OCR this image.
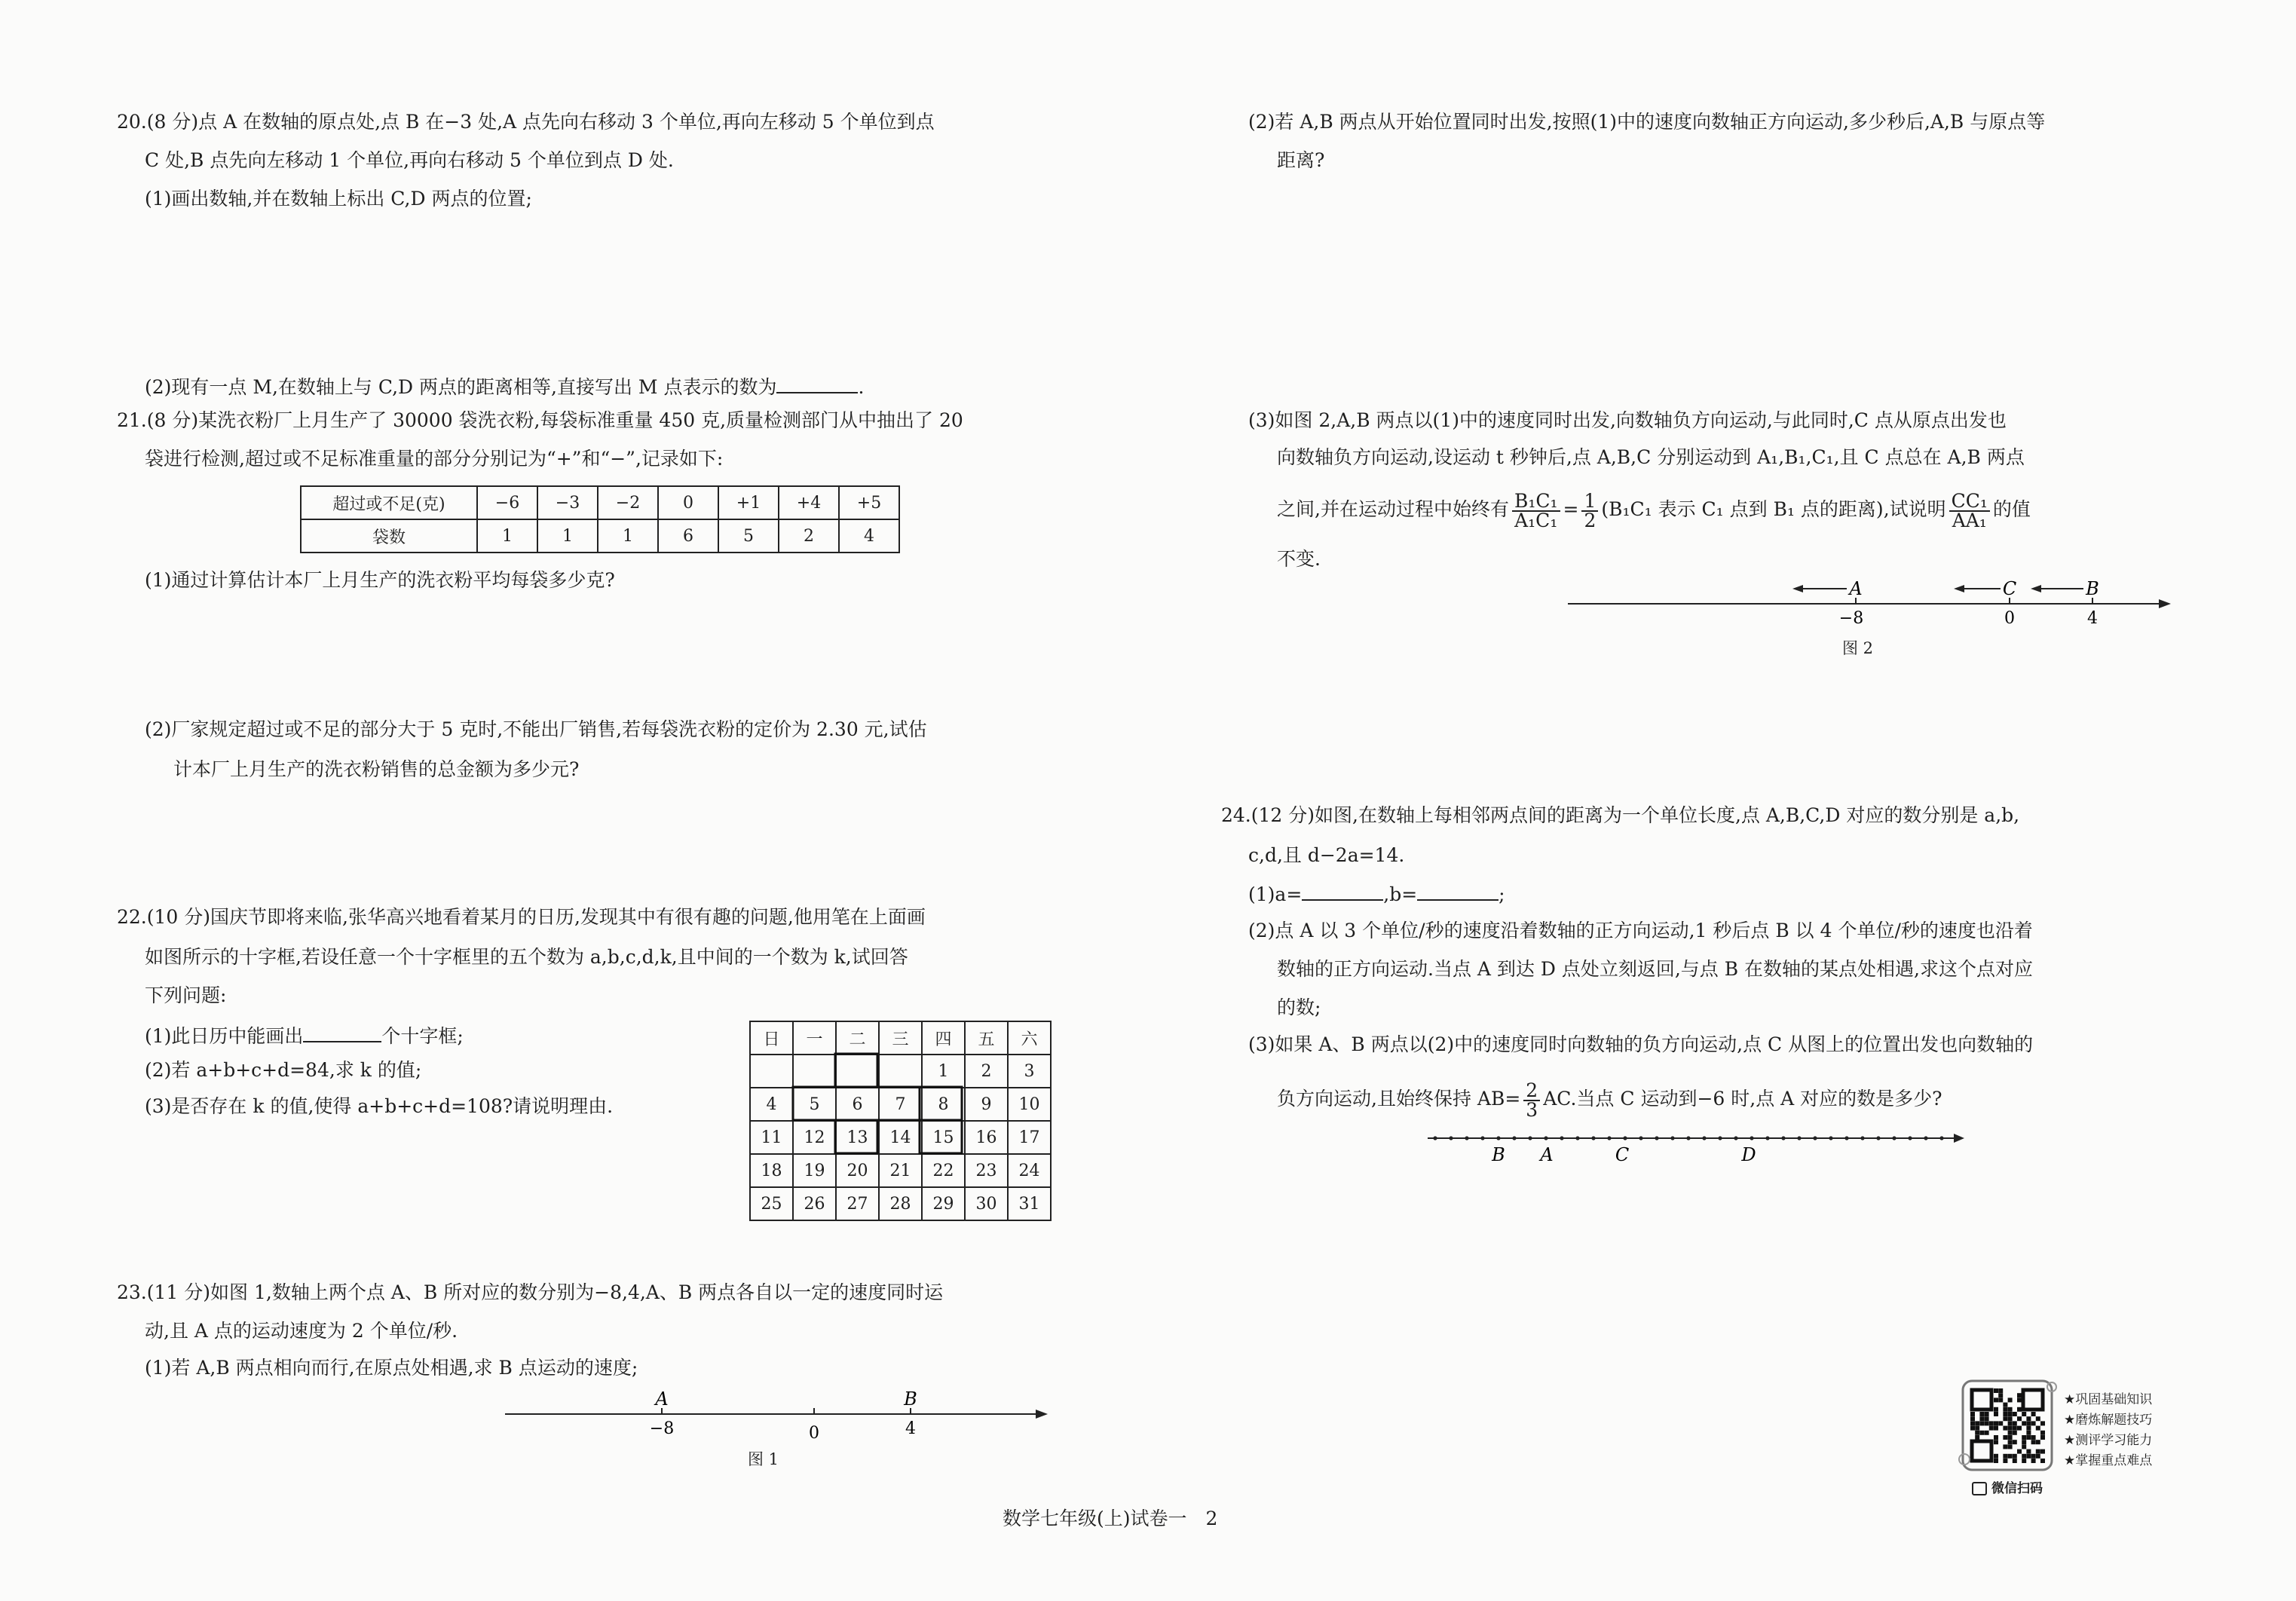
20.(8 分)点 A 在数轴的原点处,点 B 在−3 处,A 点先向右移动 3 个单位,再向左移动 5 个单位到点
C 处,B 点先向左移动 1 个单位,再向右移动 5 个单位到点 D 处.
(1)画出数轴,并在数轴上标出 C,D 两点的位置;
(2)现有一点 M,在数轴上与 C,D 两点的距离相等,直接写出 M 点表示的数为	.
21.(8 分)某洗衣粉厂上月生产了 30000 袋洗衣粉,每袋标准重量 450 克,质量检测部门从中抽出了 20
袋进行检测,超过或不足标准重量的部分分别记为“+”和“−”,记录如下:
超过或不足(克)	−6	−3	−2	0	+1	+4	+5
袋数	1	1	1	6	5	2	4
(1)通过计算估计本厂上月生产的洗衣粉平均每袋多少克?
(2)厂家规定超过或不足的部分大于 5 克时,不能出厂销售,若每袋洗衣粉的定价为 2.30 元,试估
计本厂上月生产的洗衣粉销售的总金额为多少元?
22.(10 分)国庆节即将来临,张华高兴地看着某月的日历,发现其中有很有趣的问题,他用笔在上面画
如图所示的十字框,若设任意一个十字框里的五个数为 a,b,c,d,k,且中间的一个数为 k,试回答
下列问题:
(1)此日历中能画出	个十字框;
(2)若 a+b+c+d=84,求 k 的值;
(3)是否存在 k 的值,使得 a+b+c+d=108?请说明理由.
日	一	二	三	四	五	六
				1	2	3
4	5	6	7	8	9	10
11	12	13	14	15	16	17
18	19	20	21	22	23	24
25	26	27	28	29	30	31
23.(11 分)如图 1,数轴上两个点 A、B 所对应的数分别为−8,4,A、B 两点各自以一定的速度同时运
动,且 A 点的运动速度为 2 个单位/秒.
(1)若 A,B 两点相向而行,在原点处相遇,求 B 点运动的速度;
A	B
−8	0	4
图 1
(2)若 A,B 两点从开始位置同时出发,按照(1)中的速度向数轴正方向运动,多少秒后,A,B 与原点等
距离?
(3)如图 2,A,B 两点以(1)中的速度同时出发,向数轴负方向运动,与此同时,C 点从原点出发也
向数轴负方向运动,设运动 t 秒钟后,点 A,B,C 分别运动到 A₁,B₁,C₁,且 C 点总在 A,B 两点
之间,并在运动过程中始终有 $\frac{\text{B₁C₁}}{\text{A₁C₁}} = \frac{1}{2} (B_1C_1$ 表示 C₁ 点到 B₁ 点的距离),试说明 $\frac{\text{CC₁}}{\text{AA₁}}$ 的值
不变.
A	C	B
−8	0	4
图 2
24.(12 分)如图,在数轴上每相邻两点间的距离为一个单位长度,点 A,B,C,D 对应的数分别是 a,b,
c,d,且 d−2a=14.
(1)a=	,b=	;
(2)点 A 以 3 个单位/秒的速度沿着数轴的正方向运动,1 秒后点 B 以 4 个单位/秒的速度也沿着
数轴的正方向运动.当点 A 到达 D 点处立刻返回,与点 B 在数轴的某点处相遇,求这个点对应
的数;
(3)如果 A、B 两点以(2)中的速度同时向数轴的负方向运动,点 C 从图上的位置出发也向数轴的
负方向运动,且始终保持 $AB= \frac{2}{3}$ AC.当点 C 运动到−6 时,点 A 对应的数是多少?
B A	C	D
★巩固基础知识
★磨炼解题技巧
★测评学习能力
★掌握重点难点
微信扫码
数学七年级(上)试卷一　2
